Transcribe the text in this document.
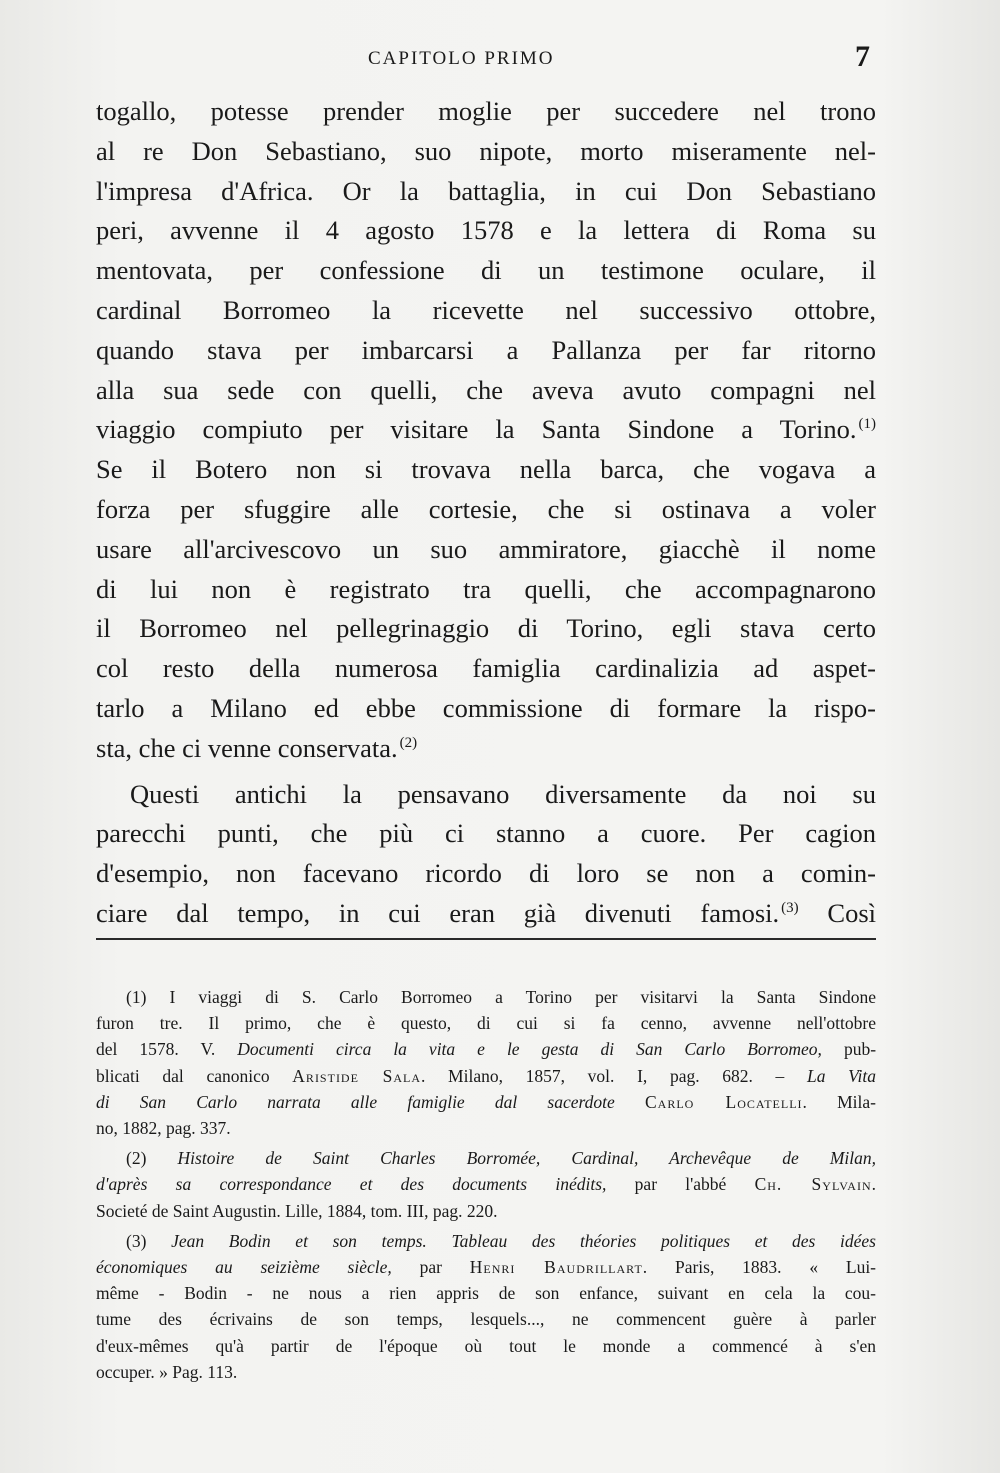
CAPITOLO PRIMO	7
togallo, potesse prender moglie per succedere nel trono
al re Don Sebastiano, suo nipote, morto miseramente nel-
l'impresa d'Africa. Or la battaglia, in cui Don Sebastiano
peri, avvenne il 4 agosto 1578 e la lettera di Roma su
mentovata, per confessione di un testimone oculare, il
cardinal Borromeo la ricevette nel successivo ottobre,
quando stava per imbarcarsi a Pallanza per far ritorno
alla sua sede con quelli, che aveva avuto compagni nel
viaggio compiuto per visitare la Santa Sindone a Torino. $^{(1)}$
Se il Botero non si trovava nella barca, che vogava a
forza per sfuggire alle cortesie, che si ostinava a voler
usare all'arcivescovo un suo ammiratore, giacchè il nome
di lui non è registrato tra quelli, che accompagnarono
il Borromeo nel pellegrinaggio di Torino, egli stava certo
col resto della numerosa famiglia cardinalizia ad aspet-
tarlo a Milano ed ebbe commissione di formare la rispo-
sta, che ci venne conservata. $^{(2)}$
Questi antichi la pensavano diversamente da noi su
parecchi punti, che più ci stanno a cuore. Per cagion
d'esempio, non facevano ricordo di loro se non a comin-
ciare dal tempo, in cui eran già divenuti famosi. $^{(3)}$ Così
(1) I viaggi di S. Carlo Borromeo a Torino per visitarvi la Santa Sindone
furon tre. Il primo, che è questo, di cui si fa cenno, avvenne nell'ottobre
del 1578. V. Documenti circa la vita e le gesta di San Carlo Borromeo, pub-
blicati dal canonico Aristide Sala. Milano, 1857, vol. I, pag. 682. – La Vita
di San Carlo narrata alle famiglie dal sacerdote Carlo Locatelli. Mila-
no, 1882, pag. 337.
(2) Histoire de Saint Charles Borromée, Cardinal, Archevêque de Milan,
d'après sa correspondance et des documents inédits, par l'abbé Ch. Sylvain.
Societé de Saint Augustin. Lille, 1884, tom. III, pag. 220.
(3) Jean Bodin et son temps. Tableau des théories politiques et des idées
économiques au seizième siècle, par Henri Baudrillart. Paris, 1883. « Lui-
même - Bodin - ne nous a rien appris de son enfance, suivant en cela la cou-
tume des écrivains de son temps, lesquels..., ne commencent guère à parler
d'eux-mêmes qu'à partir de l'époque où tout le monde a commencé à s'en
occuper. » Pag. 113.
